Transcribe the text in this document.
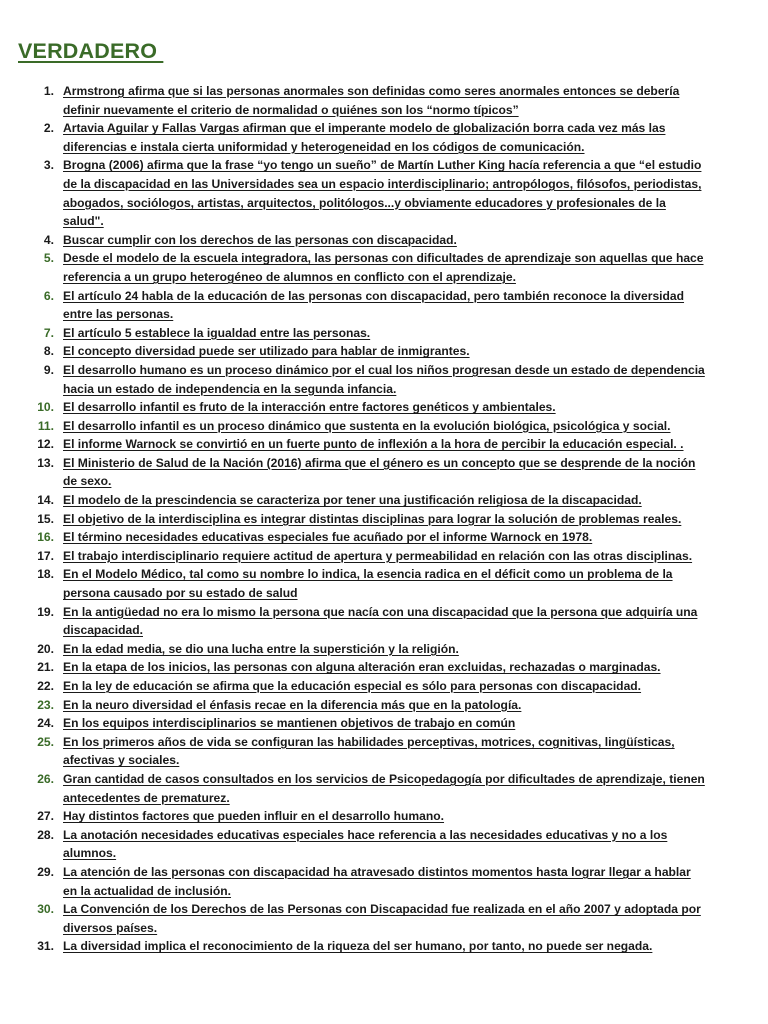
VERDADERO
1. Armstrong afirma que si las personas anormales son definidas como seres anormales entonces se debería definir nuevamente el criterio de normalidad o quiénes son los “normo típicos”
2. Artavia Aguilar y Fallas Vargas afirman que el imperante modelo de globalización borra cada vez más las diferencias e instala cierta uniformidad y heterogeneidad en los códigos de comunicación.
3. Brogna (2006) afirma que la frase “yo tengo un sueño” de Martín Luther King hacía referencia a que “el estudio de la discapacidad en las Universidades sea un espacio interdisciplinario; antropólogos, filósofos, periodistas, abogados, sociólogos, artistas, arquitectos, politólogos...y obviamente educadores y profesionales de la salud".
4. Buscar cumplir con los derechos de las personas con discapacidad.
5. Desde el modelo de la escuela integradora, las personas con dificultades de aprendizaje son aquellas que hace referencia a un grupo heterogéneo de alumnos en conflicto con el aprendizaje.
6. El artículo 24 habla de la educación de las personas con discapacidad, pero también reconoce la diversidad entre las personas.
7. El artículo 5 establece la igualdad entre las personas.
8. El concepto diversidad puede ser utilizado para hablar de inmigrantes.
9. El desarrollo humano es un proceso dinámico por el cual los niños progresan desde un estado de dependencia hacia un estado de independencia en la segunda infancia.
10. El desarrollo infantil es fruto de la interacción entre factores genéticos y ambientales.
11. El desarrollo infantil es un proceso dinámico que sustenta en la evolución biológica, psicológica y social.
12. El informe Warnock se convirtió en un fuerte punto de inflexión a la hora de percibir la educación especial. .
13. El Ministerio de Salud de la Nación (2016) afirma que el género es un concepto que se desprende de la noción de sexo.
14. El modelo de la prescindencia se caracteriza por tener una justificación religiosa de la discapacidad.
15. El objetivo de la interdisciplina es integrar distintas disciplinas para lograr la solución de problemas reales.
16. El término necesidades educativas especiales fue acuñado por el informe Warnock en 1978.
17. El trabajo interdisciplinario requiere actitud de apertura y permeabilidad en relación con las otras disciplinas.
18. En el Modelo Médico, tal como su nombre lo indica, la esencia radica en el déficit como un problema de la persona causado por su estado de salud
19. En la antigüedad no era lo mismo la persona que nacía con una discapacidad que la persona que adquiría una discapacidad.
20. En la edad media, se dio una lucha entre la superstición y la religión.
21. En la etapa de los inicios, las personas con alguna alteración eran excluidas, rechazadas o marginadas.
22. En la ley de educación se afirma que la educación especial es sólo para personas con discapacidad.
23. En la neuro diversidad el énfasis recae en la diferencia más que en la patología.
24. En los equipos interdisciplinarios se mantienen objetivos de trabajo en común
25. En los primeros años de vida se configuran las habilidades perceptivas, motrices, cognitivas, lingüísticas, afectivas y sociales.
26. Gran cantidad de casos consultados en los servicios de Psicopedagogía por dificultades de aprendizaje, tienen antecedentes de prematurez.
27. Hay distintos factores que pueden influir en el desarrollo humano.
28. La anotación necesidades educativas especiales hace referencia a las necesidades educativas y no a los alumnos.
29. La atención de las personas con discapacidad ha atravesado distintos momentos hasta lograr llegar a hablar en la actualidad de inclusión.
30. La Convención de los Derechos de las Personas con Discapacidad fue realizada en el año 2007 y adoptada por diversos países.
31. La diversidad implica el reconocimiento de la riqueza del ser humano, por tanto, no puede ser negada.
